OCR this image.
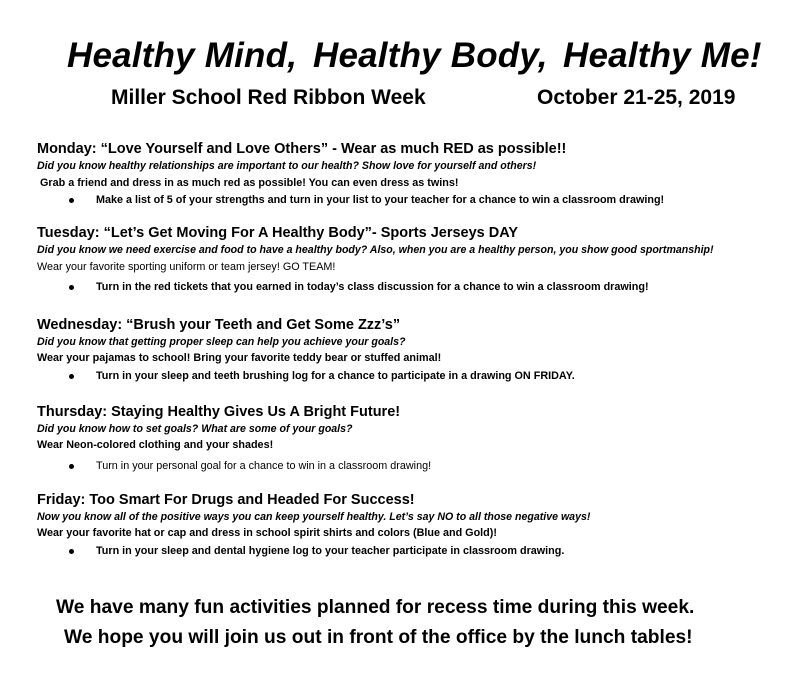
Healthy Mind, Healthy Body, Healthy Me!
Miller School Red Ribbon Week	October 21-25, 2019
Monday: “Love Yourself and Love Others” - Wear as much RED as possible!!
Did you know healthy relationships are important to our health? Show love for yourself and others!
Grab a friend and dress in as much red as possible! You can even dress as twins!
Make a list of 5 of your strengths and turn in your list to your teacher for a chance to win a classroom drawing!
Tuesday: “Let’s Get Moving For A Healthy Body”- Sports Jerseys DAY
Did you know we need exercise and food to have a healthy body? Also, when you are a healthy person, you show good sportmanship!
Wear your favorite sporting uniform or team jersey! GO TEAM!
Turn in the red tickets that you earned in today’s class discussion for a chance to win a classroom drawing!
Wednesday: “Brush your Teeth and Get Some Zzz’s”
Did you know that getting proper sleep can help you achieve your goals?
Wear your pajamas to school! Bring your favorite teddy bear or stuffed animal!
Turn in your sleep and teeth brushing log for a chance to participate in a drawing ON FRIDAY.
Thursday: Staying Healthy Gives Us A Bright Future!
Did you know how to set goals? What are some of your goals?
Wear Neon-colored clothing and your shades!
Turn in your personal goal for a chance to win in a classroom drawing!
Friday: Too Smart For Drugs and Headed For Success!
Now you know all of the positive ways you can keep yourself healthy. Let’s say NO to all those negative ways!
Wear your favorite hat or cap and dress in school spirit shirts and colors (Blue and Gold)!
Turn in your sleep and dental hygiene log to your teacher participate in classroom drawing.
We have many fun activities planned for recess time during this week.
We hope you will join us out in front of the office by the lunch tables!
